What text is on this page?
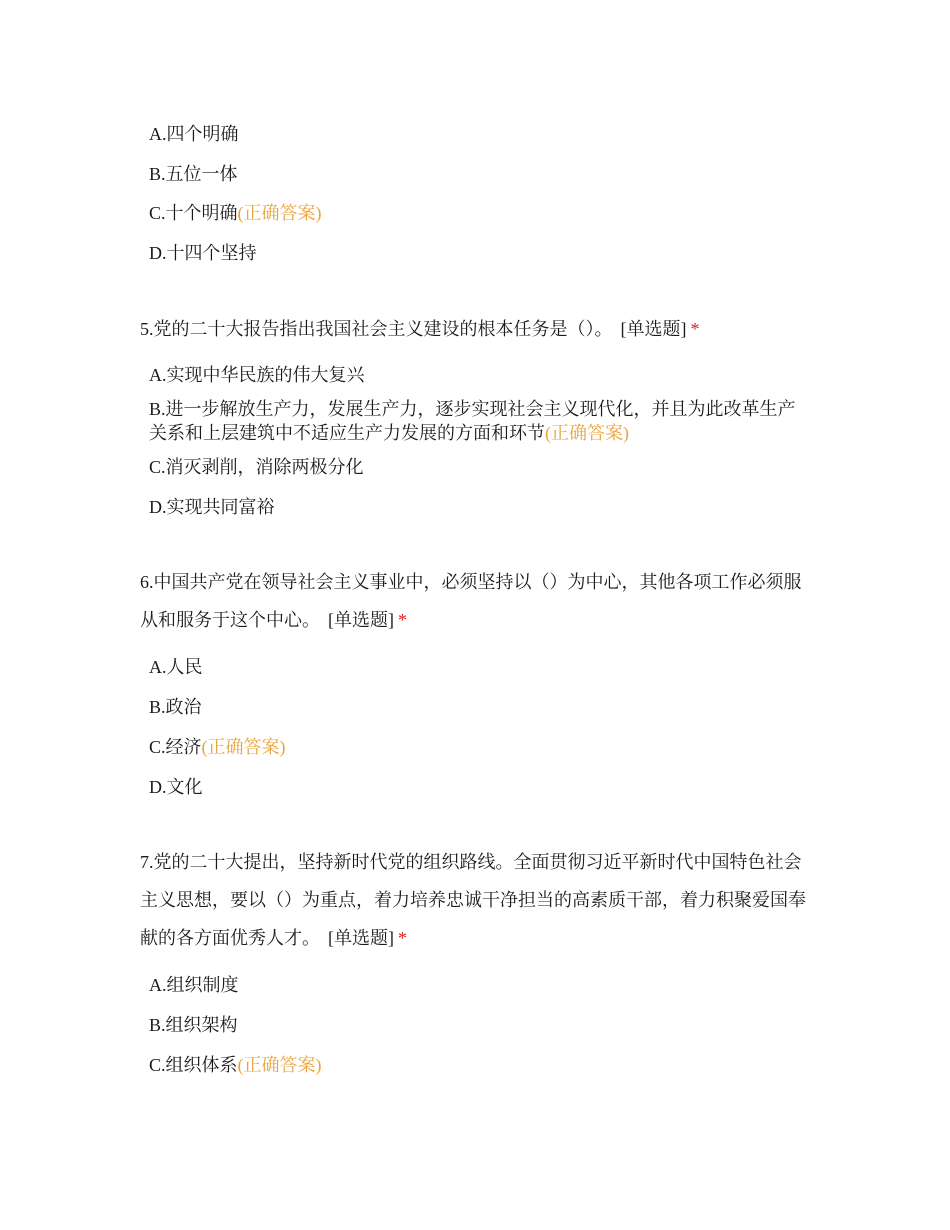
A.四个明确
B.五位一体
C.十个明确(正确答案)
D.十四个坚持
5.党的二十大报告指出我国社会主义建设的根本任务是（）。 [单选题] *
A.实现中华民族的伟大复兴
B.进一步解放生产力，发展生产力，逐步实现社会主义现代化，并且为此改革生产关系和上层建筑中不适应生产力发展的方面和环节(正确答案)
C.消灭剥削，消除两极分化
D.实现共同富裕
6.中国共产党在领导社会主义事业中，必须坚持以（）为中心，其他各项工作必须服从和服务于这个中心。 [单选题] *
A.人民
B.政治
C.经济(正确答案)
D.文化
7.党的二十大提出，坚持新时代党的组织路线。全面贯彻习近平新时代中国特色社会主义思想，要以（）为重点，着力培养忠诚干净担当的高素质干部，着力积聚爱国奉献的各方面优秀人才。 [单选题] *
A.组织制度
B.组织架构
C.组织体系(正确答案)
